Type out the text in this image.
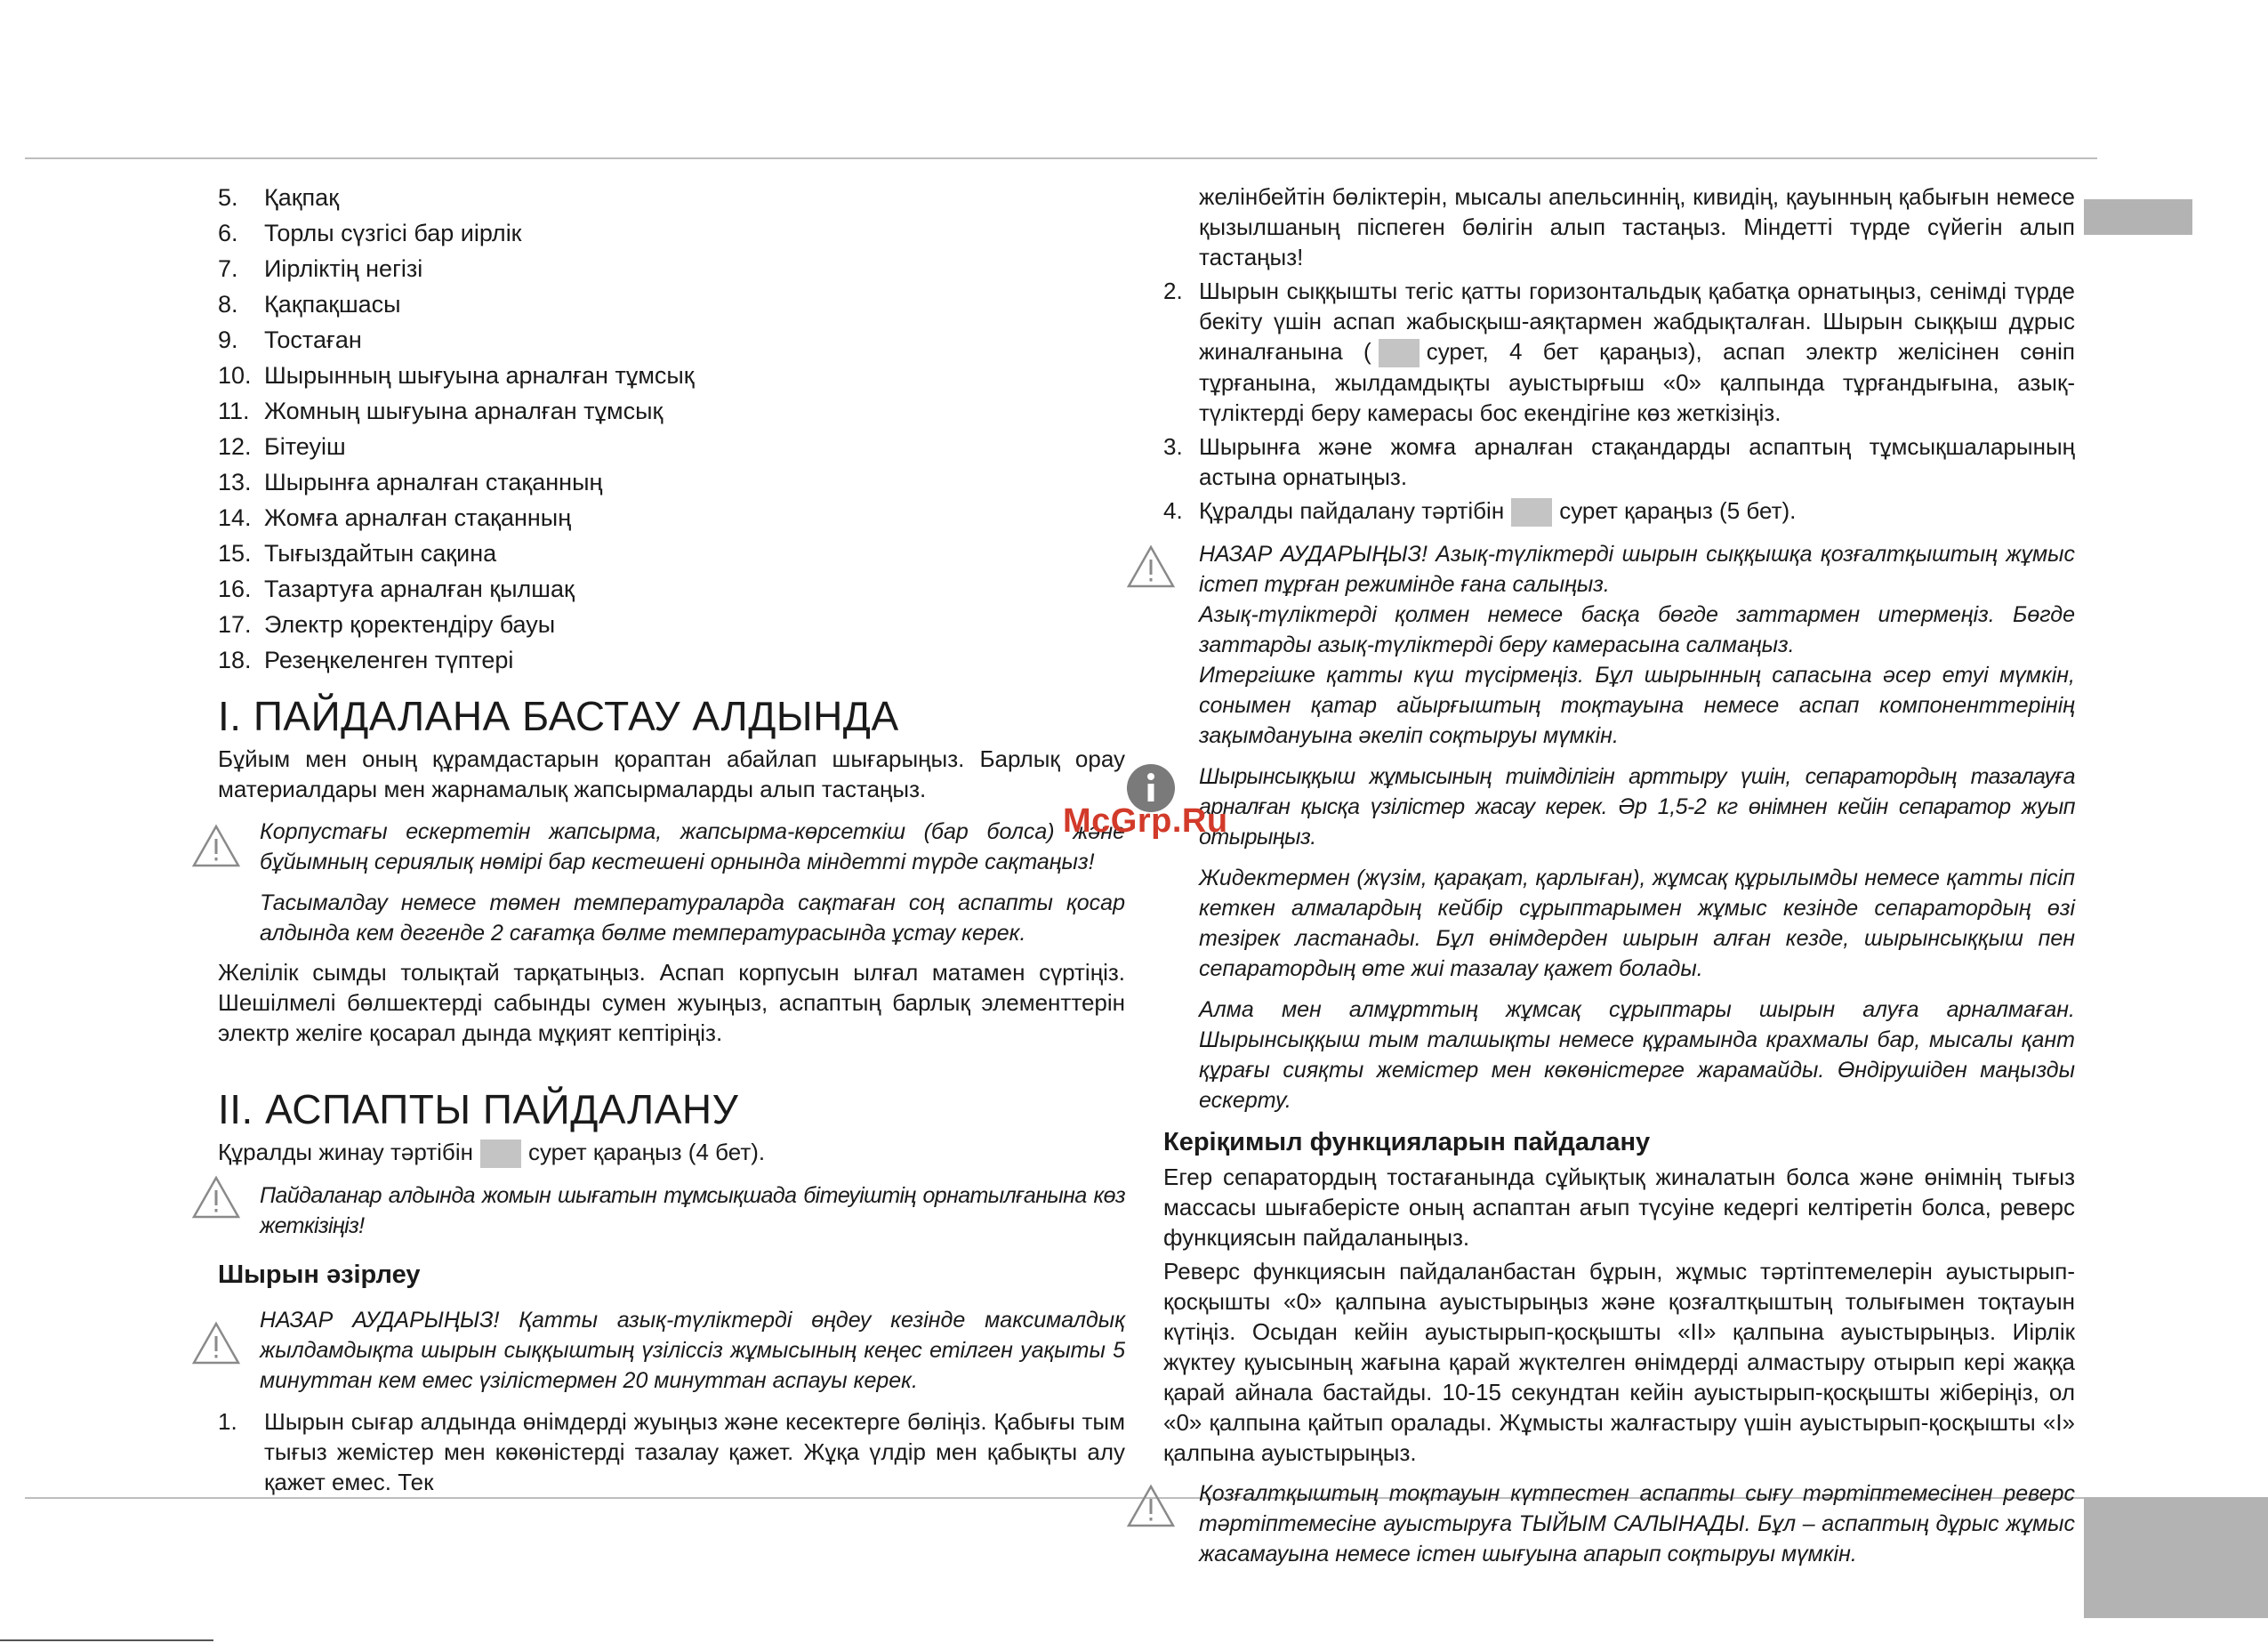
5.	Қақпақ
6.	Торлы сүзгісі бар иірлік
7.	Иірліктің негізі
8.	Қақпақшасы
9.	Тостаған
10. Шырынның шығуына арналған тұмсық
11. Жомның шығуына арналған тұмсық
12. Бітеуіш
13. Шырынға арналған стақанның
14. Жомға арналған стақанның
15. Тығыздайтын сақина
16. Тазартуға арналған қылшақ
17. Электр қоректендіру бауы
18. Резеңкеленген түптері
I. ПАЙДАЛАНА БАСТАУ АЛДЫНДА

Бұйым мен оның құрамдастарын қораптан абайлап шығарыңыз. Барлық орау материалдары мен жарнамалық жапсырмаларды алып тастаңыз.

Корпустағы ескертетін жапсырма, жапсырма-көрсеткіш (бар болса) және бұйымның сериялық нөмірі бар кестешені орнында міндетті түрде сақтаңыз!

Тасымалдау немесе төмен температураларда сақтаған соң аспапты қосар алдында кем дегенде 2 сағатқа бөлме температурасында ұстау керек.

Желілік сымды толықтай тарқатыңыз. Аспап корпусын ылғал матамен сүртіңіз. Шешілмелі бөлшектерді сабынды сумен жуыңыз, аспаптың барлық элементтерін электр желіге қосарал дында мұқият кептіріңіз.

II. АСПАПТЫ ПАЙДАЛАНУ

Құралды жинау тәртібін сурет қараңыз (4 бет).

Пайдаланар алдында жомын шығатын тұмсықшада бітеуіштің орнатылғанына көз жеткізіңіз!

Шырын әзірлеу

НАЗАР АУДАРЫҢЫЗ! Қатты азық-түліктерді өңдеу кезінде максималдық жылдамдықта шырын сыққыштың үзіліссіз жұмысының кеңес етілген уақыты 5 минуттан кем емес үзілістермен 20 минуттан аспауы керек.

1.	Шырын сығар алдында өнімдерді жуыңыз және кесектерге бөліңіз. Қабығы тым тығыз жемістер мен көкөністерді тазалау қажет. Жұқа үлдір мен қабықты алу қажет емес. Тек

желінбейтін бөліктерін, мысалы апельсиннің, кивидің, қауынның қабығын немесе қызылшаның піспеген бөлігін алып тастаңыз. Міндетті түрде сүйегін алып тастаңыз!

2. Шырын сыққышты тегіс қатты горизонтальдық қабатқа орнатыңыз, сенімді түрде бекіту үшін аспап жабысқыш-аяқтармен жабдықталған. Шырын сыққыш дұрыс жиналғанына ( сурет, 4 бет қараңыз), аспап электр желісінен сөніп тұрғанына, жылдамдықты ауыстырғыш «0» қалпында тұрғандығына, азық-түліктерді беру камерасы бос екендігіне көз жеткізіңіз.
3. Шырынға және жомға арналған стақандарды аспаптың тұмсықшаларының астына орнатыңыз.
4. Құралды пайдалану тәртібін сурет қараңыз (5 бет).

НАЗАР АУДАРЫҢЫЗ! Азық-түліктерді шырын сыққышқа қозғалтқыштың жұмыс істеп тұрған режимінде ғана салыңыз.

Азық-түліктерді қолмен немесе басқа бөгде заттармен итермеңіз. Бөгде заттарды азық-түліктерді беру камерасына салмаңыз.

Итергішке қатты күш түсірмеңіз. Бұл шырынның сапасына әсер етуі мүмкін, сонымен қатар айырғыштың тоқтауына немесе аспап компоненттерінің зақымдануына әкеліп соқтыруы мүмкін.

Шырынсыққыш жұмысының тиімділігін арттыру үшін, сепаратордың тазалауға арналған қысқа үзілістер жасау керек. Әр 1,5-2 кг өнімнен кейін сепаратор жуып отырыңыз.

Жидектермен (жүзім, қарақат, қарлыған), жұмсақ құрылымды немесе қатты пісіп кеткен алмалардың кейбір сұрыптарымен жұмыс кезінде сепаратордың өзі тезірек ластанады. Бұл өнімдерден шырын алған кезде, шырынсыққыш пен сепаратордың өте жиі тазалау қажет болады.

Алма мен алмұрттың жұмсақ сұрыптары шырын алуға арналмаған. Шырынсыққыш тым талшықты немесе құрамында крахмалы бар, мысалы қант құрағы сияқты жемістер мен көкөністерге жарамайды. Өндірушіден маңызды ескерту.

Керіқимыл функцияларын пайдалану

Егер сепаратордың тостағанында сұйықтық жиналатын болса және өнімнің тығыз массасы шығаберісте оның аспаптан ағып түсуіне кедергі келтіретін болса, реверс функциясын пайдаланыңыз.

Реверс функциясын пайдаланбастан бұрын, жұмыс тәртіптемелерін ауыстырып-қосқышты «0» қалпына ауыстырыңыз және қозғалтқыштың толығымен тоқтауын күтіңіз. Осыдан кейін ауыстырып-қосқышты «II» қалпына ауыстырыңыз. Иірлік жүктеу қуысының жағына қарай жүктелген өнімдерді алмастыру отырып кері жаққа қарай айнала бастайды. 10-15 секундтан кейін ауыстырып-қосқышты жіберіңіз, ол «0» қалпына қайтып оралады. Жұмысты жалғастыру үшін ауыстырып-қосқышты «I» қалпына ауыстырыңыз.

Қозғалтқыштың тоқтауын күтпестен аспапты сығу тәртіптемесінен реверс тәртіптемесіне ауыстыруға ТЫЙЫМ САЛЫНАДЫ. Бұл – аспаптың дұрыс жұмыс жасамауына немесе істен шығуына апарып соқтыруы мүмкін.

McGrp.Ru
